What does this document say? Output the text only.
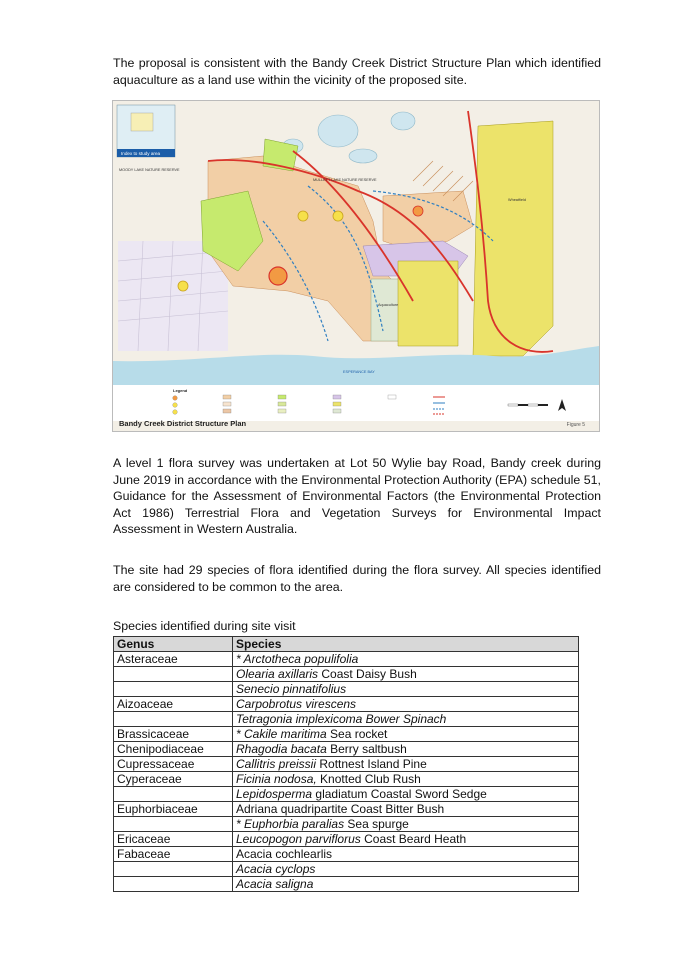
The proposal is consistent with the Bandy Creek District Structure Plan which identified aquaculture as a land use within the vicinity of the proposed site.

Index to study area
MOODY LAKE NATURE RESERVE
MULLETT LAKE NATURE RESERVE
Wheatfield
Aquaculture
ESPERANCE BAY
Legend
Bandy Creek District Structure Plan	Figure 5

A level 1 flora survey was undertaken at Lot 50 Wylie bay Road, Bandy creek during June 2019 in accordance with the Environmental Protection Authority (EPA) schedule 51, Guidance for the Assessment of Environmental Factors (the Environmental Protection Act 1986) Terrestrial Flora and Vegetation Surveys for Environmental Impact Assessment in Western Australia.

The site had 29 species of flora identified during the flora survey. All species identified are considered to be common to the area.

Species identified during site visit

Genus	Species
Asteraceae	* Arctotheca populifolia
	Olearia axillaris Coast Daisy Bush
	Senecio pinnatifolius
Aizoaceae	Carpobrotus virescens
	Tetragonia implexicoma Bower Spinach
Brassicaceae	* Cakile maritima Sea rocket
Chenipodiaceae	Rhagodia bacata Berry saltbush
Cupressaceae	Callitris preissii Rottnest Island Pine
Cyperaceae	Ficinia nodosa, Knotted Club Rush
	Lepidosperma gladiatum Coastal Sword Sedge
Euphorbiaceae	Adriana quadripartite Coast Bitter Bush
	* Euphorbia paralias Sea spurge
Ericaceae	Leucopogon parviflorus Coast Beard Heath
Fabaceae	Acacia cochlearlis
	Acacia cyclops
	Acacia saligna
